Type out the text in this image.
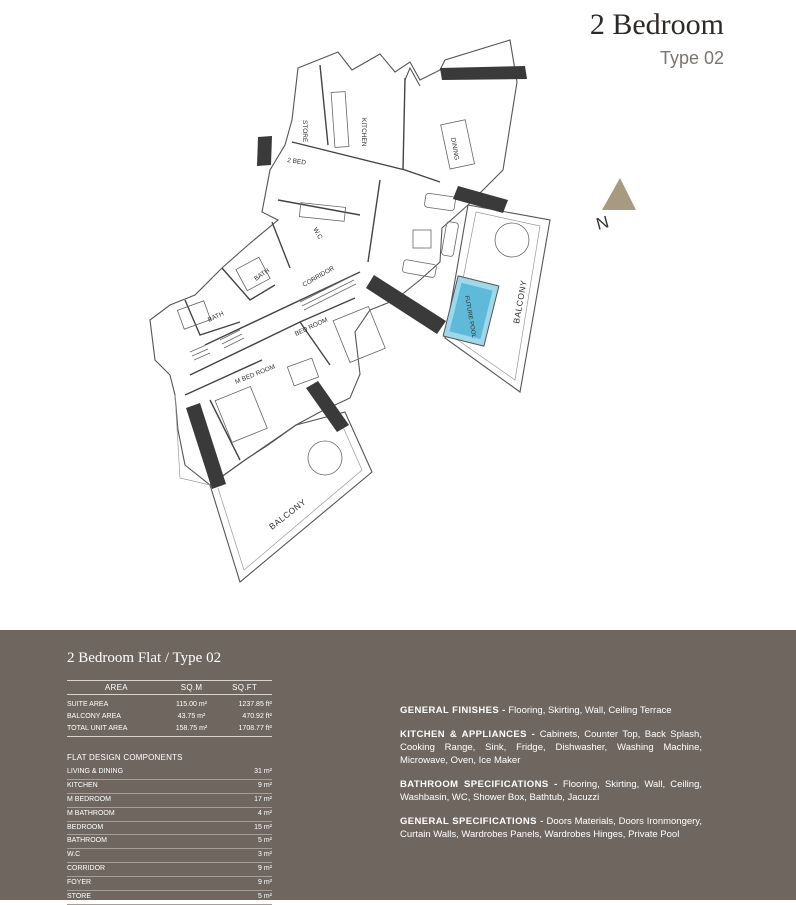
2 Bedroom
Type 02
STORE	KITCHEN
DINING
2 BED
W.C
BATH	CORRIDOR
BATH	BED ROOM
M BED ROOM
FUTURE POOL	BALCONY
BALCONY
N
2 Bedroom Flat / Type 02
AREA	SQ.M	SQ.FT
SUITE AREA	115.00 m²	1237.85 ft²
BALCONY AREA	43.75 m²	470.92 ft²
TOTAL UNIT AREA	158.75 m²	1708.77 ft²
FLAT DESIGN COMPONENTS
LIVING & DINING	31 m²
KITCHEN	9 m²
M BEDROOM	17 m²
M BATHROOM	4 m²
BEDROOM	15 m²
BATHROOM	5 m²
W.C	3 m²
CORRIDOR	9 m²
FOYER	9 m²
STORE	5 m²

GENERAL FINISHES - Flooring, Skirting, Wall, Ceiling Terrace

KITCHEN & APPLIANCES - Cabinets, Counter Top, Back Splash, Cooking Range, Sink, Fridge, Dishwasher, Washing Machine, Microwave, Oven, Ice Maker

BATHROOM SPECIFICATIONS - Flooring, Skirting, Wall, Ceiling, Washbasin, WC, Shower Box, Bathtub, Jacuzzi

GENERAL SPECIFICATIONS - Doors Materials, Doors Ironmongery, Curtain Walls, Wardrobes Panels, Wardrobes Hinges, Private Pool
